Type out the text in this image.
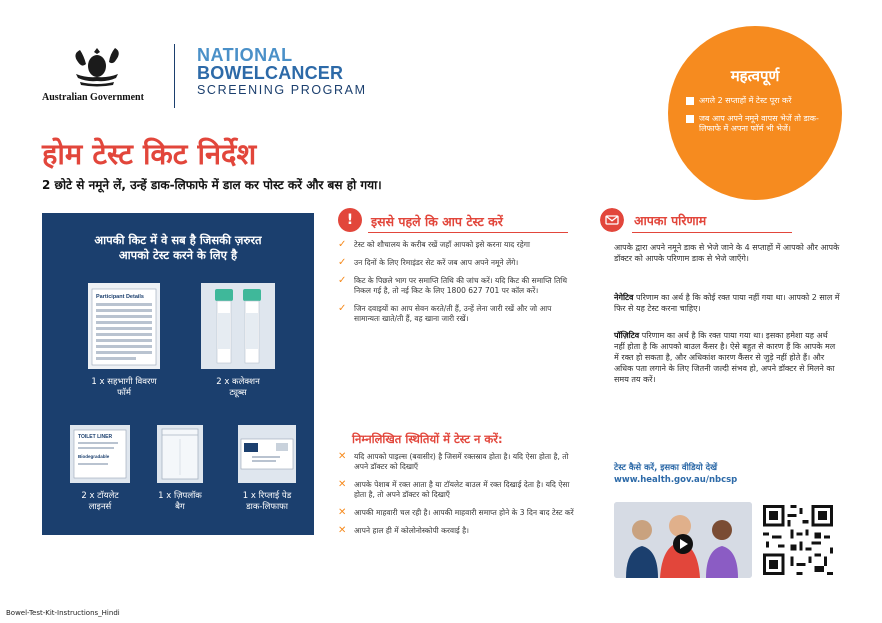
Australian Government
NATIONAL
BOWELCANCER
SCREENING PROGRAM
होम टेस्ट किट निर्देश
2 छोटे से नमूने लें, उन्हें डाक-लिफाफे में डाल कर पोस्ट करें और बस हो गया।
महत्वपूर्ण
अगले 2 सप्ताहों में टेस्ट पूरा करें
जब आप अपने नमूने वापस भेजें तो डाक-लिफाफे में अपना फॉर्म भी भेजें।
आपकी किट में वे सब है जिसकी ज़रुरत
आपको टेस्ट करने के लिए है
Participant Details
1 x सहभागी विवरण
फॉर्म
2 x कलेक्शन
ट्यूब्स
TOILET LINER
Biodegradable
2 x टॉयलेट
लाइनर्स
1 x ज़िपलॉक
बैग
1 x रिप्लाई पेड
डाक-लिफाफा
!	इससे पहले कि आप टेस्ट करें
✓ टेस्ट को शौचालय के करीब रखें जहाँ आपको इसे करना याद रहेगा
✓ उन दिनों के लिए रिमाइंडर सेट करें जब आप अपने नमूने लेंगे।
✓ किट के पिछले भाग पर समाप्ति तिथि की जांच करें। यदि किट की समाप्ति तिथि निकल गई है, तो नई किट के लिए 1800 627 701 पर कॉल करें।
✓ जिन दवाइयों का आप सेवन करते/ती हैं, उन्हें लेना जारी रखें और जो आप सामान्यतः खाते/ती हैं, वह खाना जारी रखें।
निम्नलिखित स्थितियों में टेस्ट न करें:
✕ यदि आपको पाइल्स (बवासीर) है जिसमें रक्तस्राव होता है। यदि ऐसा होता है, तो अपने डॉक्टर को दिखाएँ
✕ आपके पेशाब में रक्त आता है या टॉयलेट बाउल में रक्त दिखाई देता है। यदि ऐसा होता है, तो अपने डॉक्टर को दिखाएँ
✕ आपकी माहवारी चल रही है। आपकी माहवारी समाप्त होने के 3 दिन बाद टेस्ट करें
✕ आपने हाल ही में कोलोनोस्कोपी करवाई है।
आपका परिणाम
आपके द्वारा अपने नमूने डाक से भेजे जाने के 4 सप्ताहों में आपको और आपके डॉक्टर को आपके परिणाम डाक से भेजे जाएँगे।
नेगेटिव परिणाम का अर्थ है कि कोई रक्त पाया नहीं गया था। आपको 2 साल में फिर से यह टेस्ट करना चाहिए।
पॉज़िटिव परिणाम का अर्थ है कि रक्त पाया गया था। इसका हमेशा यह अर्थ नहीं होता है कि आपको बाउल कैंसर है। ऐसे बहुत से कारण हैं कि आपके मल में रक्त हो सकता है, और अधिकांश कारण कैंसर से जुड़े नहीं होते हैं। और अधिक पता लगाने के लिए जितनी जल्दी संभव हो, अपने डॉक्टर से मिलने का समय तय करें।
टेस्ट कैसे करें, इसका वीडियो देखें
www.health.gov.au/nbcsp
Bowel-Test-Kit-Instructions_Hindi
